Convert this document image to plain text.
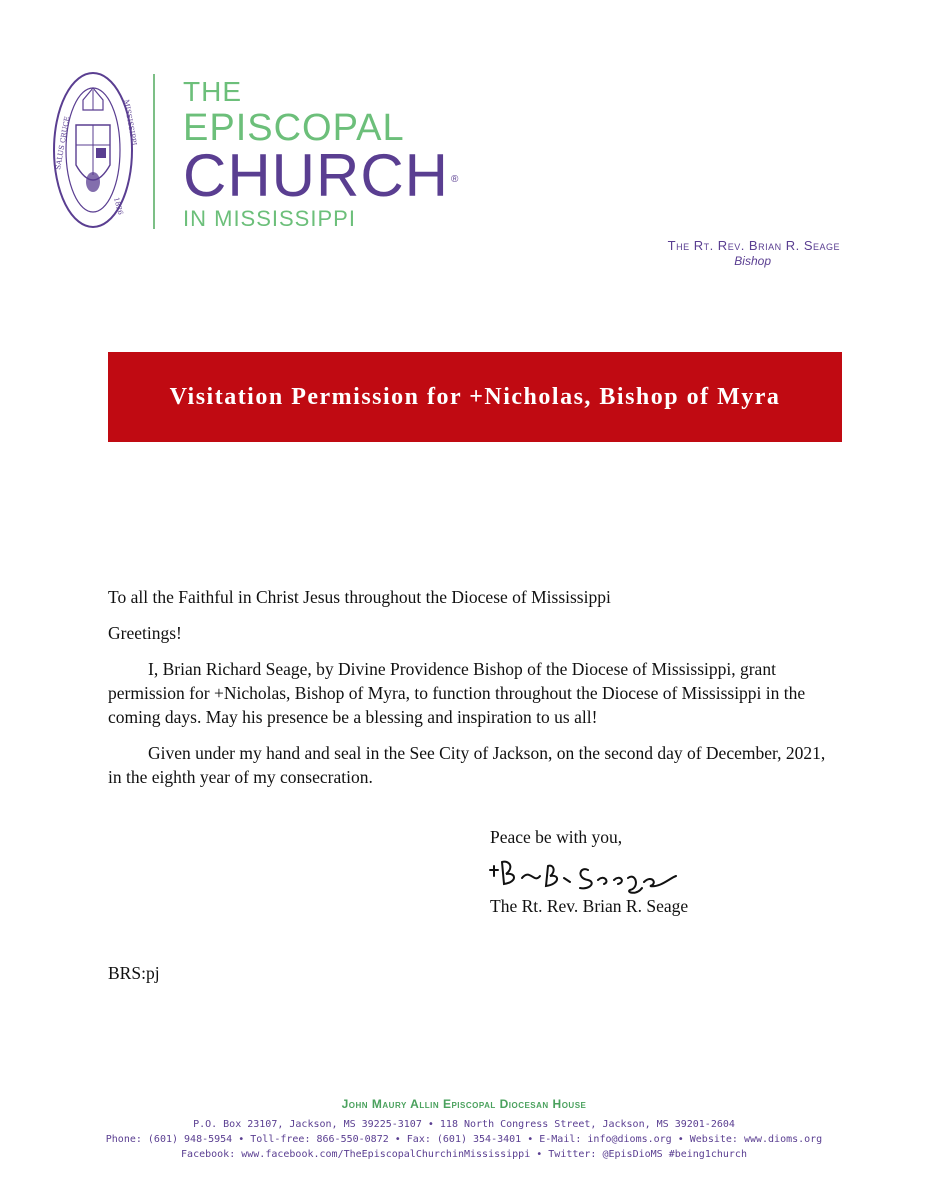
SALUS CRUCE	MISSISSIPPI
1826
THE
EPISCOPAL
CHURCH ®
IN MISSISSIPPI
The Rt. Rev. Brian R. Seage
Bishop
Visitation Permission for +Nicholas, Bishop of Myra

To all the Faithful in Christ Jesus throughout the Diocese of Mississippi

Greetings!

I, Brian Richard Seage, by Divine Providence Bishop of the Diocese of Mississippi, grant permission for +Nicholas, Bishop of Myra, to function throughout the Diocese of Mississippi in the coming days. May his presence be a blessing and inspiration to us all!

Given under my hand and seal in the See City of Jackson, on the second day of December, 2021, in the eighth year of my consecration.

Peace be with you,
The Rt. Rev. Brian R. Seage
BRS:pj
John Maury Allin Episcopal Diocesan House
P.O. Box 23107, Jackson, MS 39225-3107 • 118 North Congress Street, Jackson, MS 39201-2604
Phone: (601) 948-5954 • Toll-free: 866-550-0872 • Fax: (601) 354-3401 • E-Mail: info@dioms.org • Website: www.dioms.org
Facebook: www.facebook.com/TheEpiscopalChurchinMississippi • Twitter: @EpisDioMS #being1church
